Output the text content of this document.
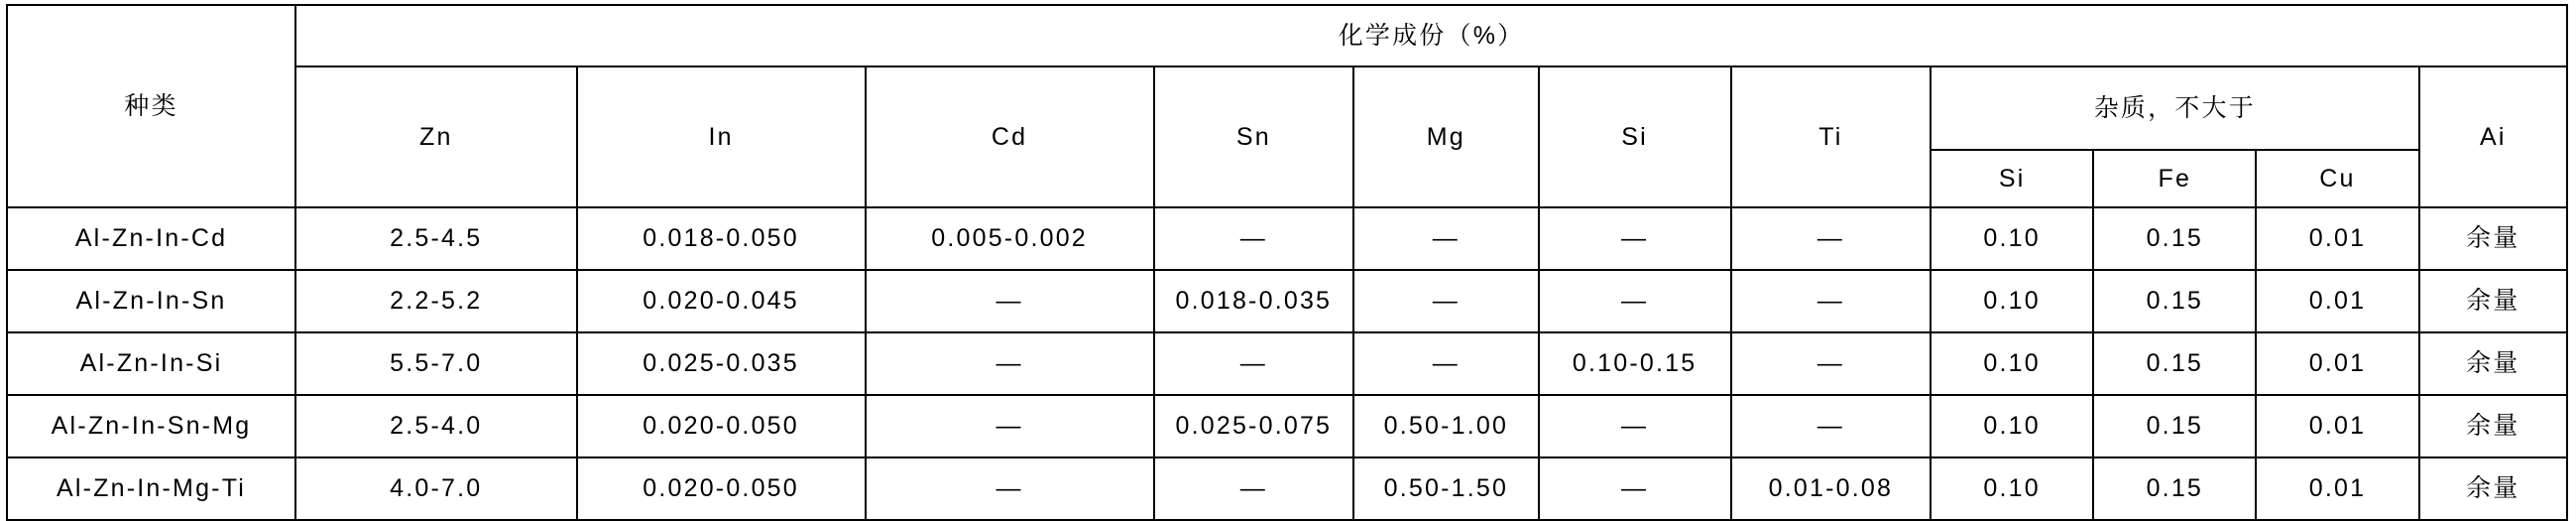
种类	化学成份（%）										
	Zn	In	Cd	Sn	Mg	Si	Ti	杂质，不大于			Ai
								Si	Fe	Cu	
Al-Zn-In-Cd	2.5-4.5	0.018-0.050	0.005-0.002	—	—	—	—	0.10	0.15	0.01	余量
Al-Zn-In-Sn	2.2-5.2	0.020-0.045	—	0.018-0.035	—	—	—	0.10	0.15	0.01	余量
Al-Zn-In-Si	5.5-7.0	0.025-0.035	—	—	—	0.10-0.15	—	0.10	0.15	0.01	余量
Al-Zn-In-Sn-Mg	2.5-4.0	0.020-0.050	—	0.025-0.075	0.50-1.00	—	—	0.10	0.15	0.01	余量
Al-Zn-In-Mg-Ti	4.0-7.0	0.020-0.050	—	—	0.50-1.50	—	0.01-0.08	0.10	0.15	0.01	余量
